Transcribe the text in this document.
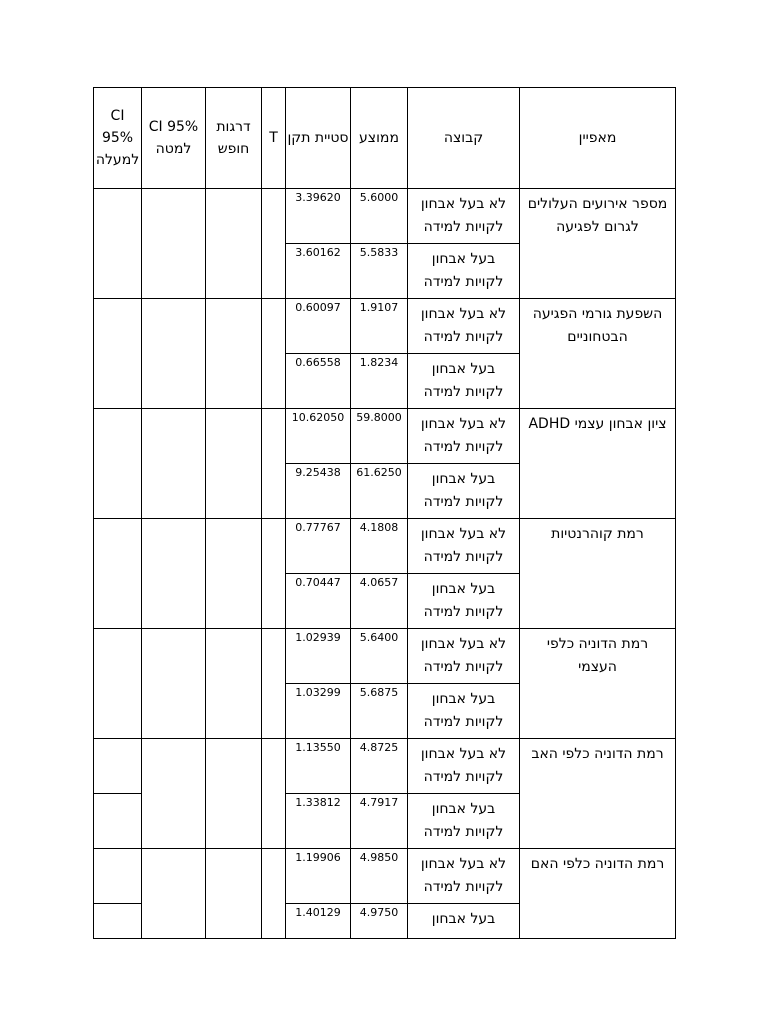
CI 95% למעלה	95% CI למטה	דרגות חופש	T	סטיית תקן	ממוצע	קבוצה	מאפיין
				3.39620	5.6000	לא בעל אבחון לקויות למידה	מספר אירועים העלולים לגרום לפגיעה
				3.60162	5.5833	בעל אבחון לקויות למידה	
				0.60097	1.9107	לא בעל אבחון לקויות למידה	השפעת גורמי הפגיעה הבטחוניים
				0.66558	1.8234	בעל אבחון לקויות למידה	
				10.62050	59.8000	לא בעל אבחון לקויות למידה	ציון אבחון עצמי ADHD
				9.25438	61.6250	בעל אבחון לקויות למידה	
				0.77767	4.1808	לא בעל אבחון לקויות למידה	רמת קוהרנטיות
				0.70447	4.0657	בעל אבחון לקויות למידה	
				1.02939	5.6400	לא בעל אבחון לקויות למידה	רמת הדוניה כלפי העצמי
				1.03299	5.6875	בעל אבחון לקויות למידה	
				1.13550	4.8725	לא בעל אבחון לקויות למידה	רמת הדוניה כלפי האב
				1.33812	4.7917	בעל אבחון לקויות למידה	
				1.19906	4.9850	לא בעל אבחון לקויות למידה	רמת הדוניה כלפי האם
				1.40129	4.9750	בעל אבחון	
